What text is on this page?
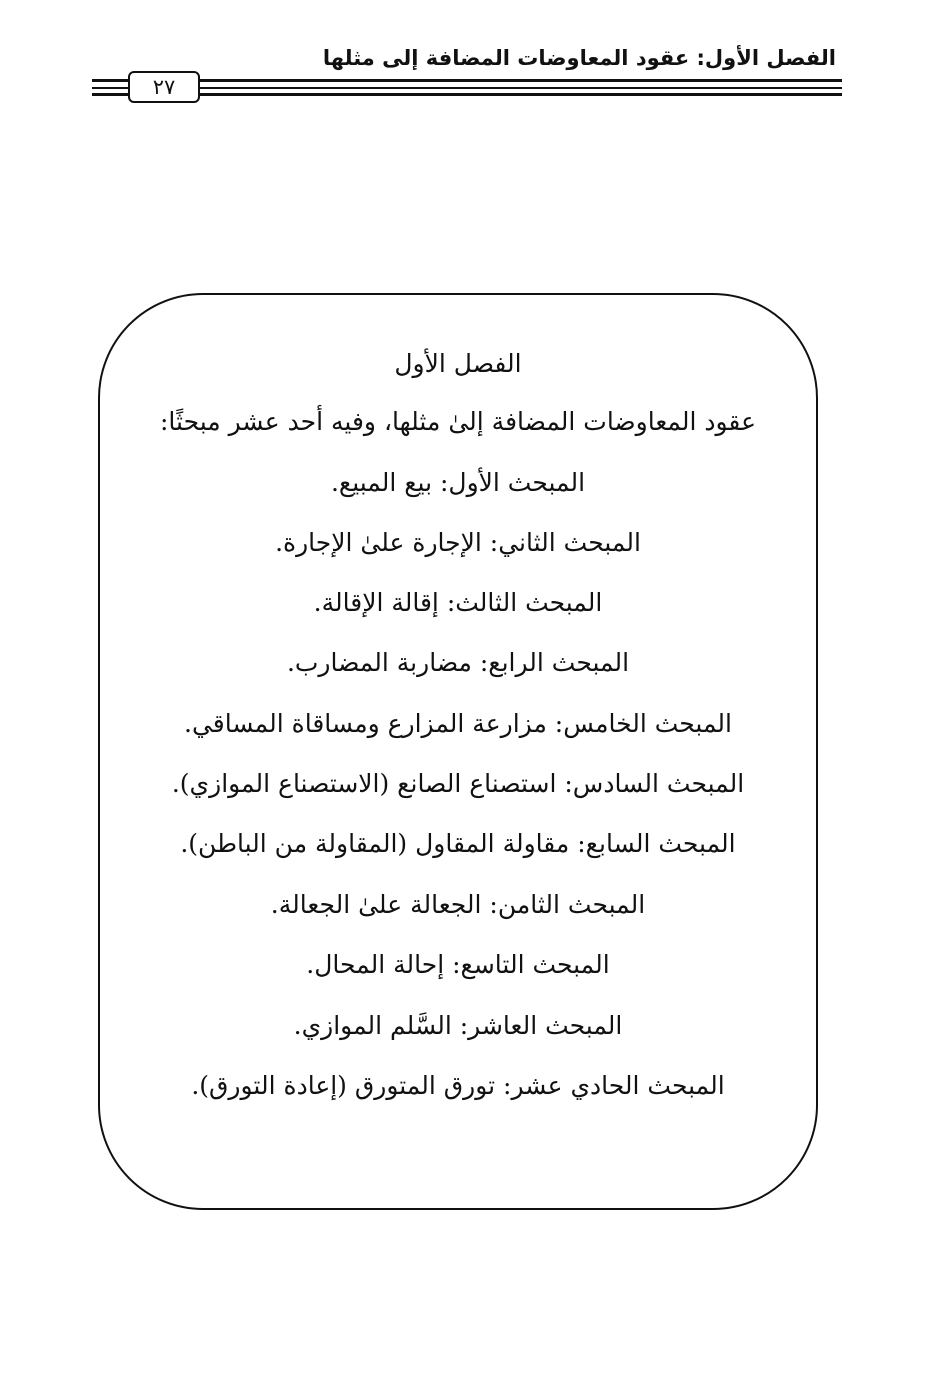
الفصل الأول: عقود المعاوضات المضافة إلى مثلها
٢٧
الفصل الأول
عقود المعاوضات المضافة إلىٰ مثلها، وفيه أحد عشر مبحثًا:
المبحث الأول: بيع المبيع.
المبحث الثاني: الإجارة علىٰ الإجارة.
المبحث الثالث: إقالة الإقالة.
المبحث الرابع: مضاربة المضارب.
المبحث الخامس: مزارعة المزارع ومساقاة المساقي.
المبحث السادس: استصناع الصانع (الاستصناع الموازي).
المبحث السابع: مقاولة المقاول (المقاولة من الباطن).
المبحث الثامن: الجعالة علىٰ الجعالة.
المبحث التاسع: إحالة المحال.
المبحث العاشر: السَّلم الموازي.
المبحث الحادي عشر: تورق المتورق (إعادة التورق).
